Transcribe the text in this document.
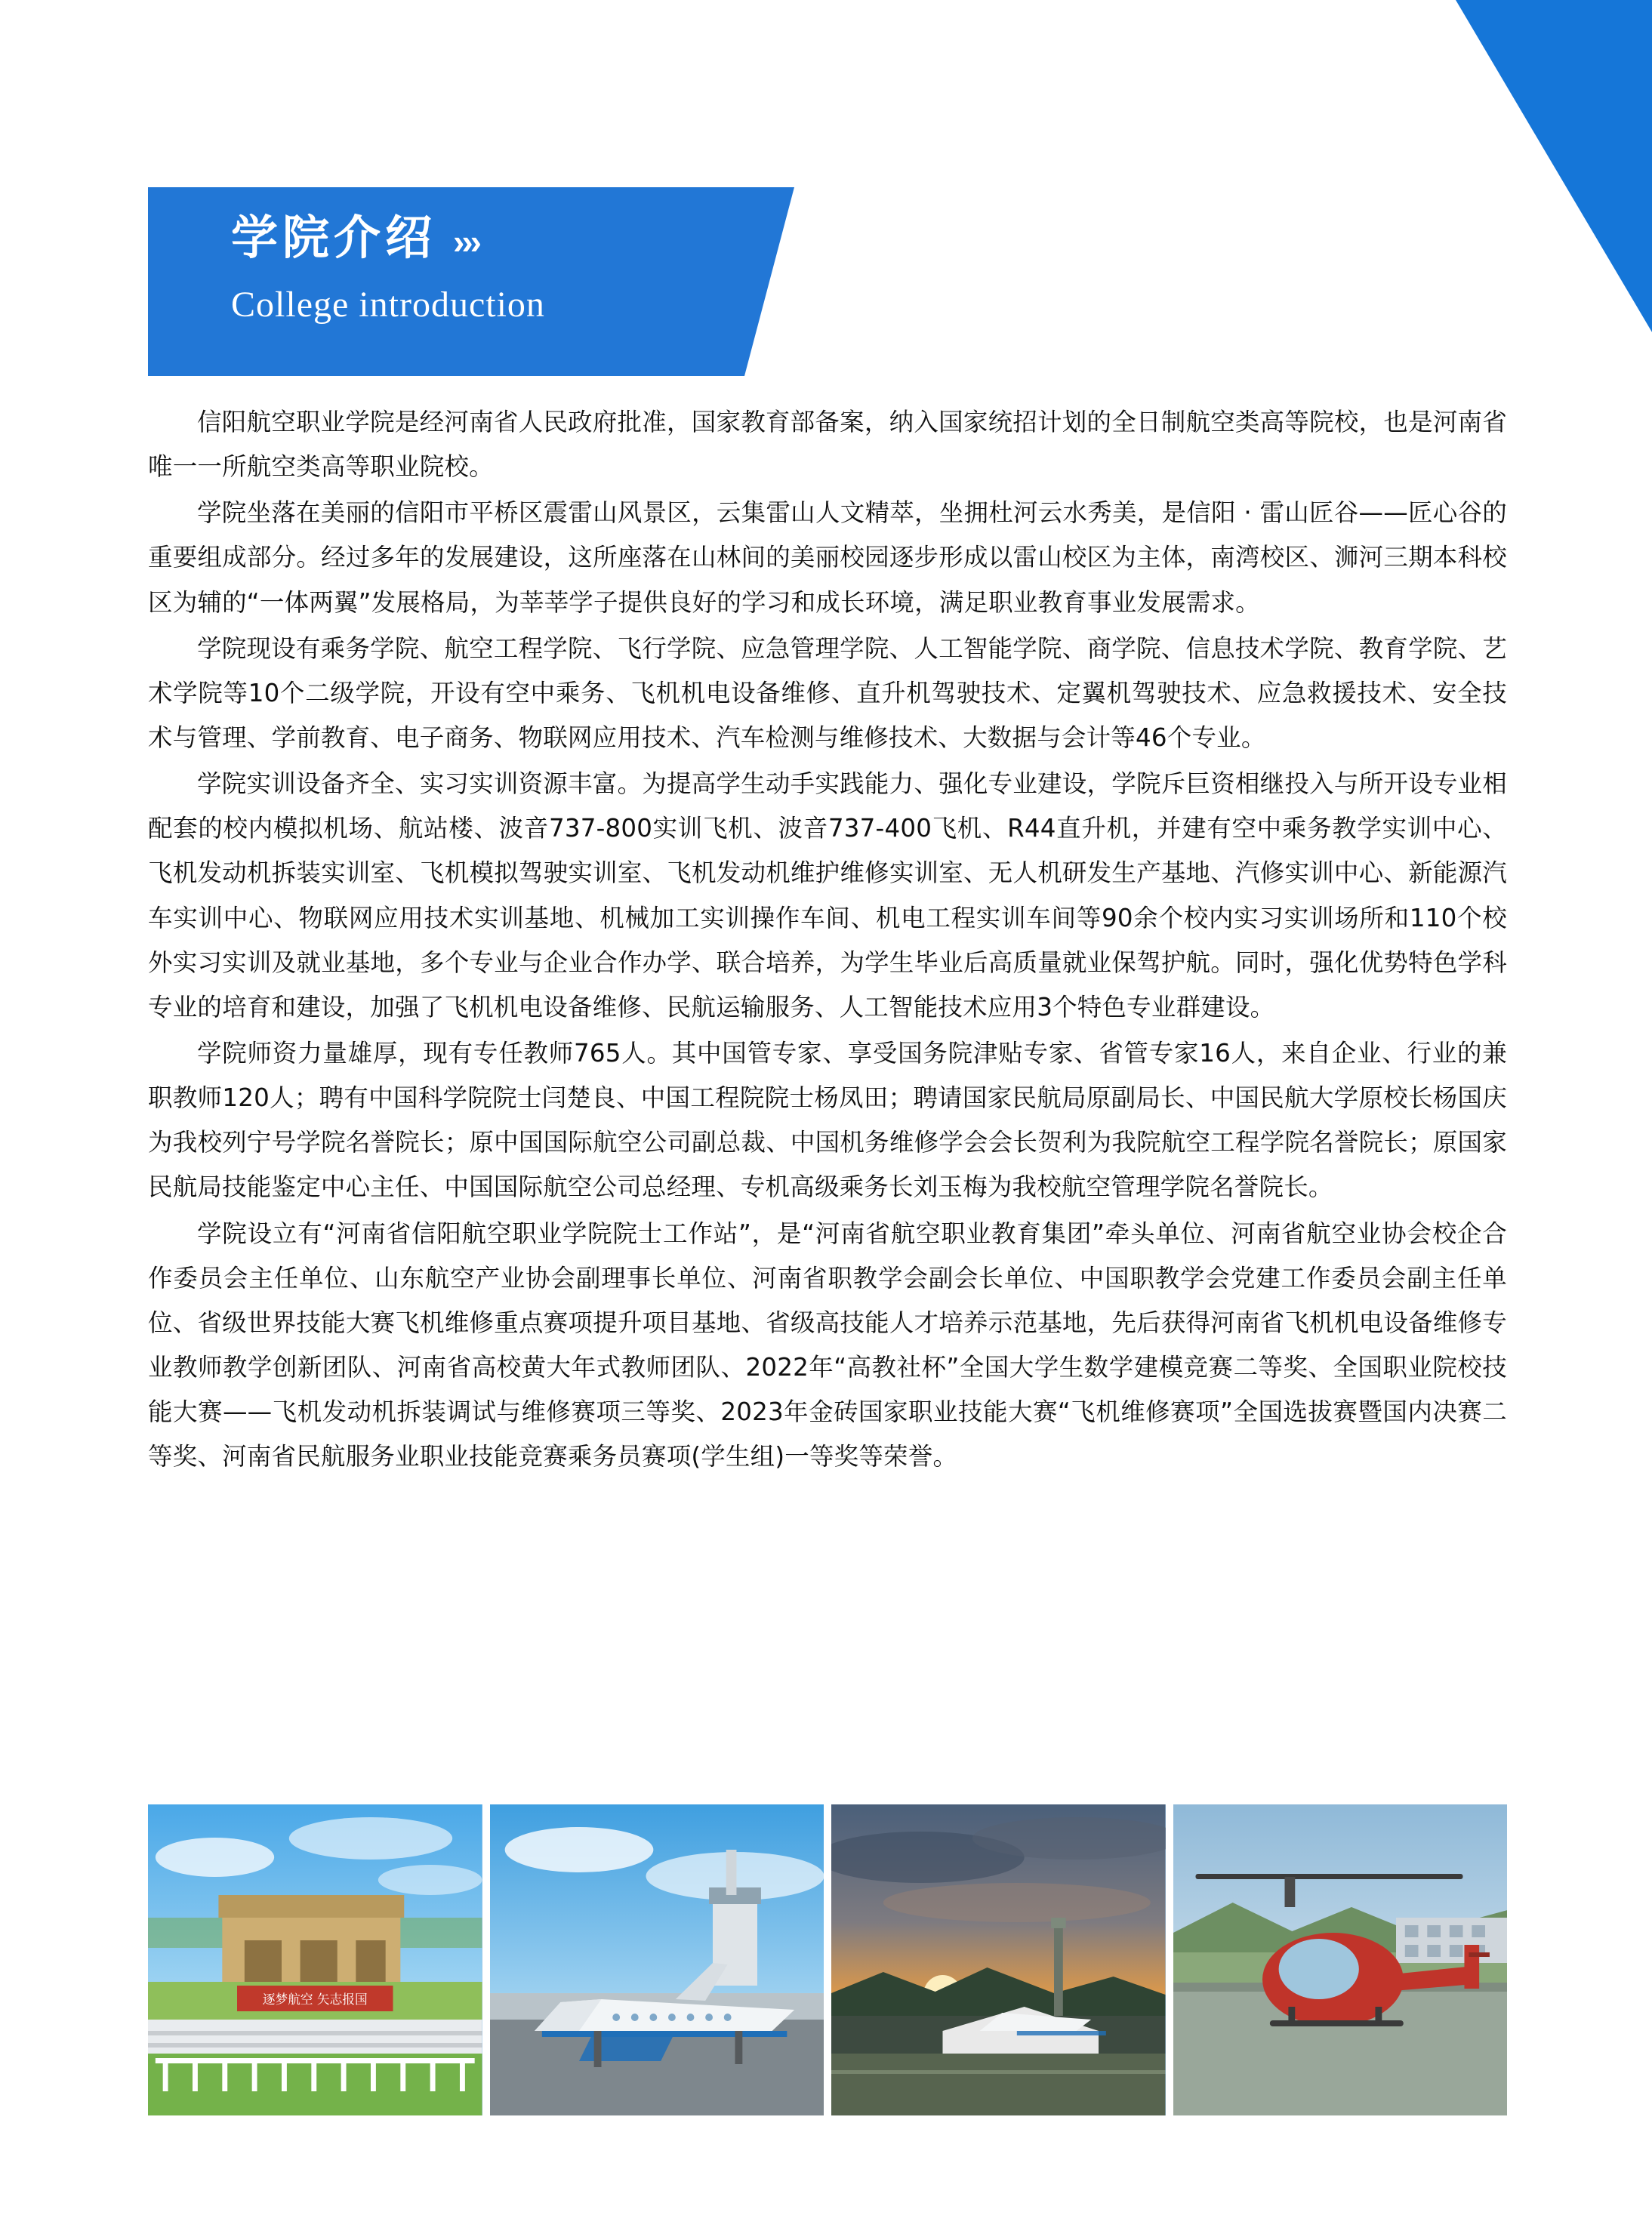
学院介绍 ›››
College introduction

信阳航空职业学院是经河南省人民政府批准，国家教育部备案，纳入国家统招计划的全日制航空类高等院校，也是河南省唯一一所航空类高等职业院校。

学院坐落在美丽的信阳市平桥区震雷山风景区，云集雷山人文精萃，坐拥杜河云水秀美，是信阳 · 雷山匠谷——匠心谷的重要组成部分。经过多年的发展建设，这所座落在山林间的美丽校园逐步形成以雷山校区为主体，南湾校区、浉河三期本科校区为辅的“一体两翼”发展格局，为莘莘学子提供良好的学习和成长环境，满足职业教育事业发展需求。

学院现设有乘务学院、航空工程学院、飞行学院、应急管理学院、人工智能学院、商学院、信息技术学院、教育学院、艺术学院等10个二级学院，开设有空中乘务、飞机机电设备维修、直升机驾驶技术、定翼机驾驶技术、应急救援技术、安全技术与管理、学前教育、电子商务、物联网应用技术、汽车检测与维修技术、大数据与会计等46个专业。

学院实训设备齐全、实习实训资源丰富。为提高学生动手实践能力、强化专业建设，学院斥巨资相继投入与所开设专业相配套的校内模拟机场、航站楼、波音737-800实训飞机、波音737-400飞机、R44直升机，并建有空中乘务教学实训中心、飞机发动机拆装实训室、飞机模拟驾驶实训室、飞机发动机维护维修实训室、无人机研发生产基地、汽修实训中心、新能源汽车实训中心、物联网应用技术实训基地、机械加工实训操作车间、机电工程实训车间等90余个校内实习实训场所和110个校外实习实训及就业基地，多个专业与企业合作办学、联合培养，为学生毕业后高质量就业保驾护航。同时，强化优势特色学科专业的培育和建设，加强了飞机机电设备维修、民航运输服务、人工智能技术应用3个特色专业群建设。

学院师资力量雄厚，现有专任教师765人。其中国管专家、享受国务院津贴专家、省管专家16人，来自企业、行业的兼职教师120人；聘有中国科学院院士闫楚良、中国工程院院士杨凤田；聘请国家民航局原副局长、中国民航大学原校长杨国庆为我校列宁号学院名誉院长；原中国国际航空公司副总裁、中国机务维修学会会长贺利为我院航空工程学院名誉院长；原国家民航局技能鉴定中心主任、中国国际航空公司总经理、专机高级乘务长刘玉梅为我校航空管理学院名誉院长。

学院设立有“河南省信阳航空职业学院院士工作站”，是“河南省航空职业教育集团”牵头单位、河南省航空业协会校企合作委员会主任单位、山东航空产业协会副理事长单位、河南省职教学会副会长单位、中国职教学会党建工作委员会副主任单位、省级世界技能大赛飞机维修重点赛项提升项目基地、省级高技能人才培养示范基地，先后获得河南省飞机机电设备维修专业教师教学创新团队、河南省高校黄大年式教师团队、2022年“高教社杯”全国大学生数学建模竞赛二等奖、全国职业院校技能大赛——飞机发动机拆装调试与维修赛项三等奖、2023年金砖国家职业技能大赛“飞机维修赛项”全国选拔赛暨国内决赛二等奖、河南省民航服务业职业技能竞赛乘务员赛项(学生组)一等奖等荣誉。

逐梦航空 矢志报国
